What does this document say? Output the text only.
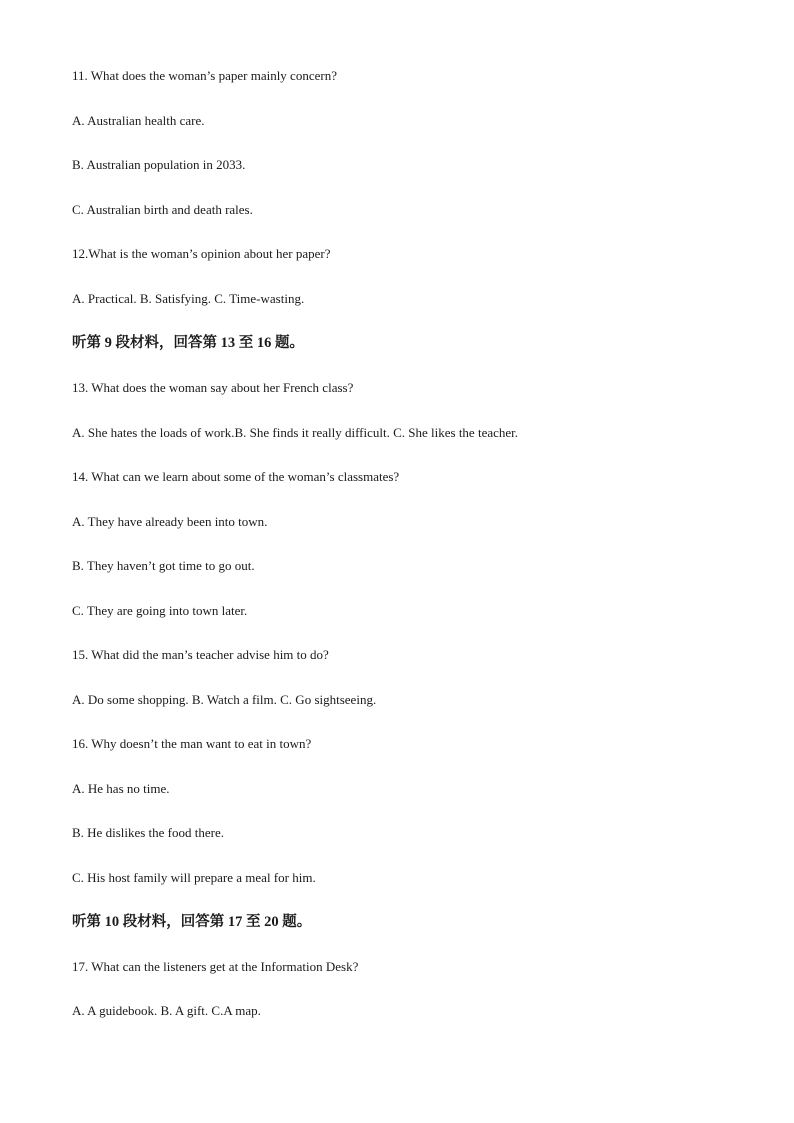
11. What does the woman’s paper mainly concern?
A. Australian health care.
B. Australian population in 2033.
C. Australian birth and death rales.
12.What is the woman’s opinion about her paper?
A. Practical. B. Satisfying. C. Time-wasting.
听第 9 段材料，回答第 13 至 16 题。
13. What does the woman say about her French class?
A. She hates the loads of work.B. She finds it really difficult. C. She likes the teacher.
14. What can we learn about some of the woman’s classmates?
A. They have already been into town.
B. They haven’t got time to go out.
C. They are going into town later.
15. What did the man’s teacher advise him to do?
A. Do some shopping. B. Watch a film. C. Go sightseeing.
16. Why doesn’t the man want to eat in town?
A. He has no time.
B. He dislikes the food there.
C. His host family will prepare a meal for him.
听第 10 段材料，回答第 17 至 20 题。
17. What can the listeners get at the Information Desk?
A. A guidebook. B. A gift. C.A map.
